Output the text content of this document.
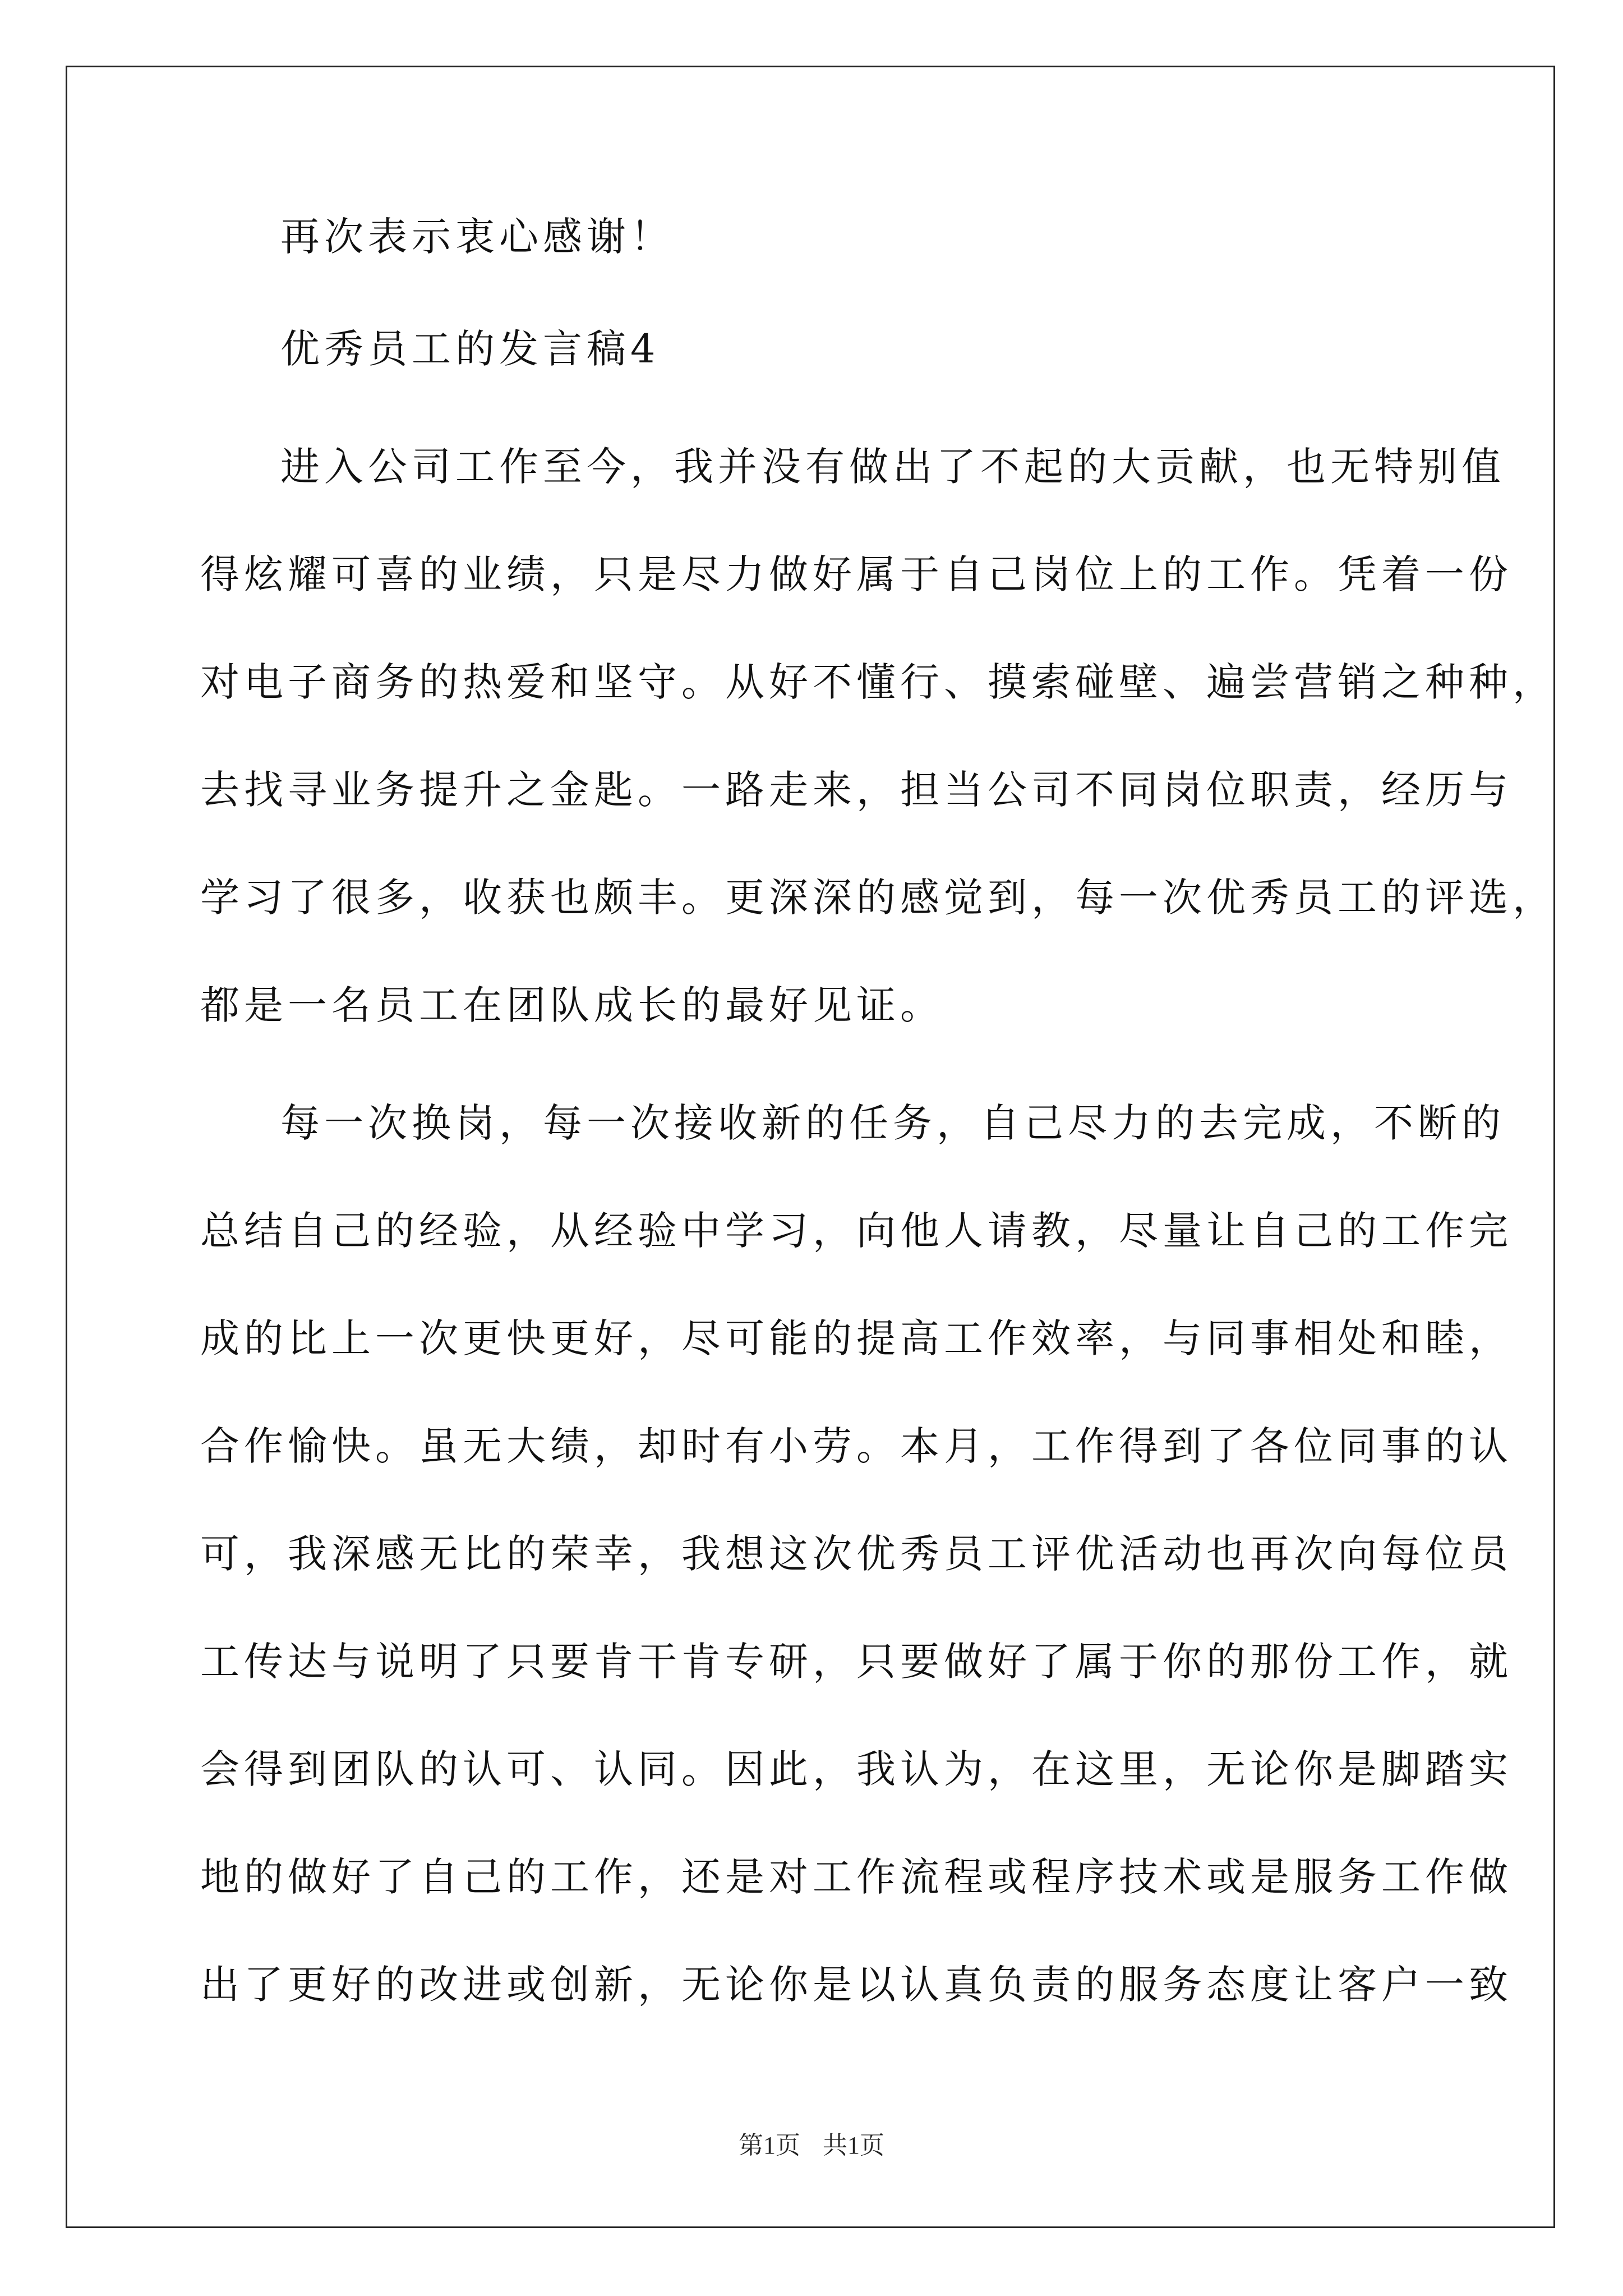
再次表示衷心感谢！
优秀员工的发言稿4
进入公司工作至今，我并没有做出了不起的大贡献，也无特别值
得炫耀可喜的业绩，只是尽力做好属于自己岗位上的工作。凭着一份
对电子商务的热爱和坚守。从好不懂行、摸索碰壁、遍尝营销之种种，
去找寻业务提升之金匙。一路走来，担当公司不同岗位职责，经历与
学习了很多，收获也颇丰。更深深的感觉到，每一次优秀员工的评选，
都是一名员工在团队成长的最好见证。
每一次换岗，每一次接收新的任务，自己尽力的去完成，不断的
总结自己的经验，从经验中学习，向他人请教，尽量让自己的工作完
成的比上一次更快更好，尽可能的提高工作效率，与同事相处和睦，
合作愉快。虽无大绩，却时有小劳。本月，工作得到了各位同事的认
可，我深感无比的荣幸，我想这次优秀员工评优活动也再次向每位员
工传达与说明了只要肯干肯专研，只要做好了属于你的那份工作，就
会得到团队的认可、认同。因此，我认为，在这里，无论你是脚踏实
地的做好了自己的工作，还是对工作流程或程序技术或是服务工作做
出了更好的改进或创新，无论你是以认真负责的服务态度让客户一致
第1页 共1页
